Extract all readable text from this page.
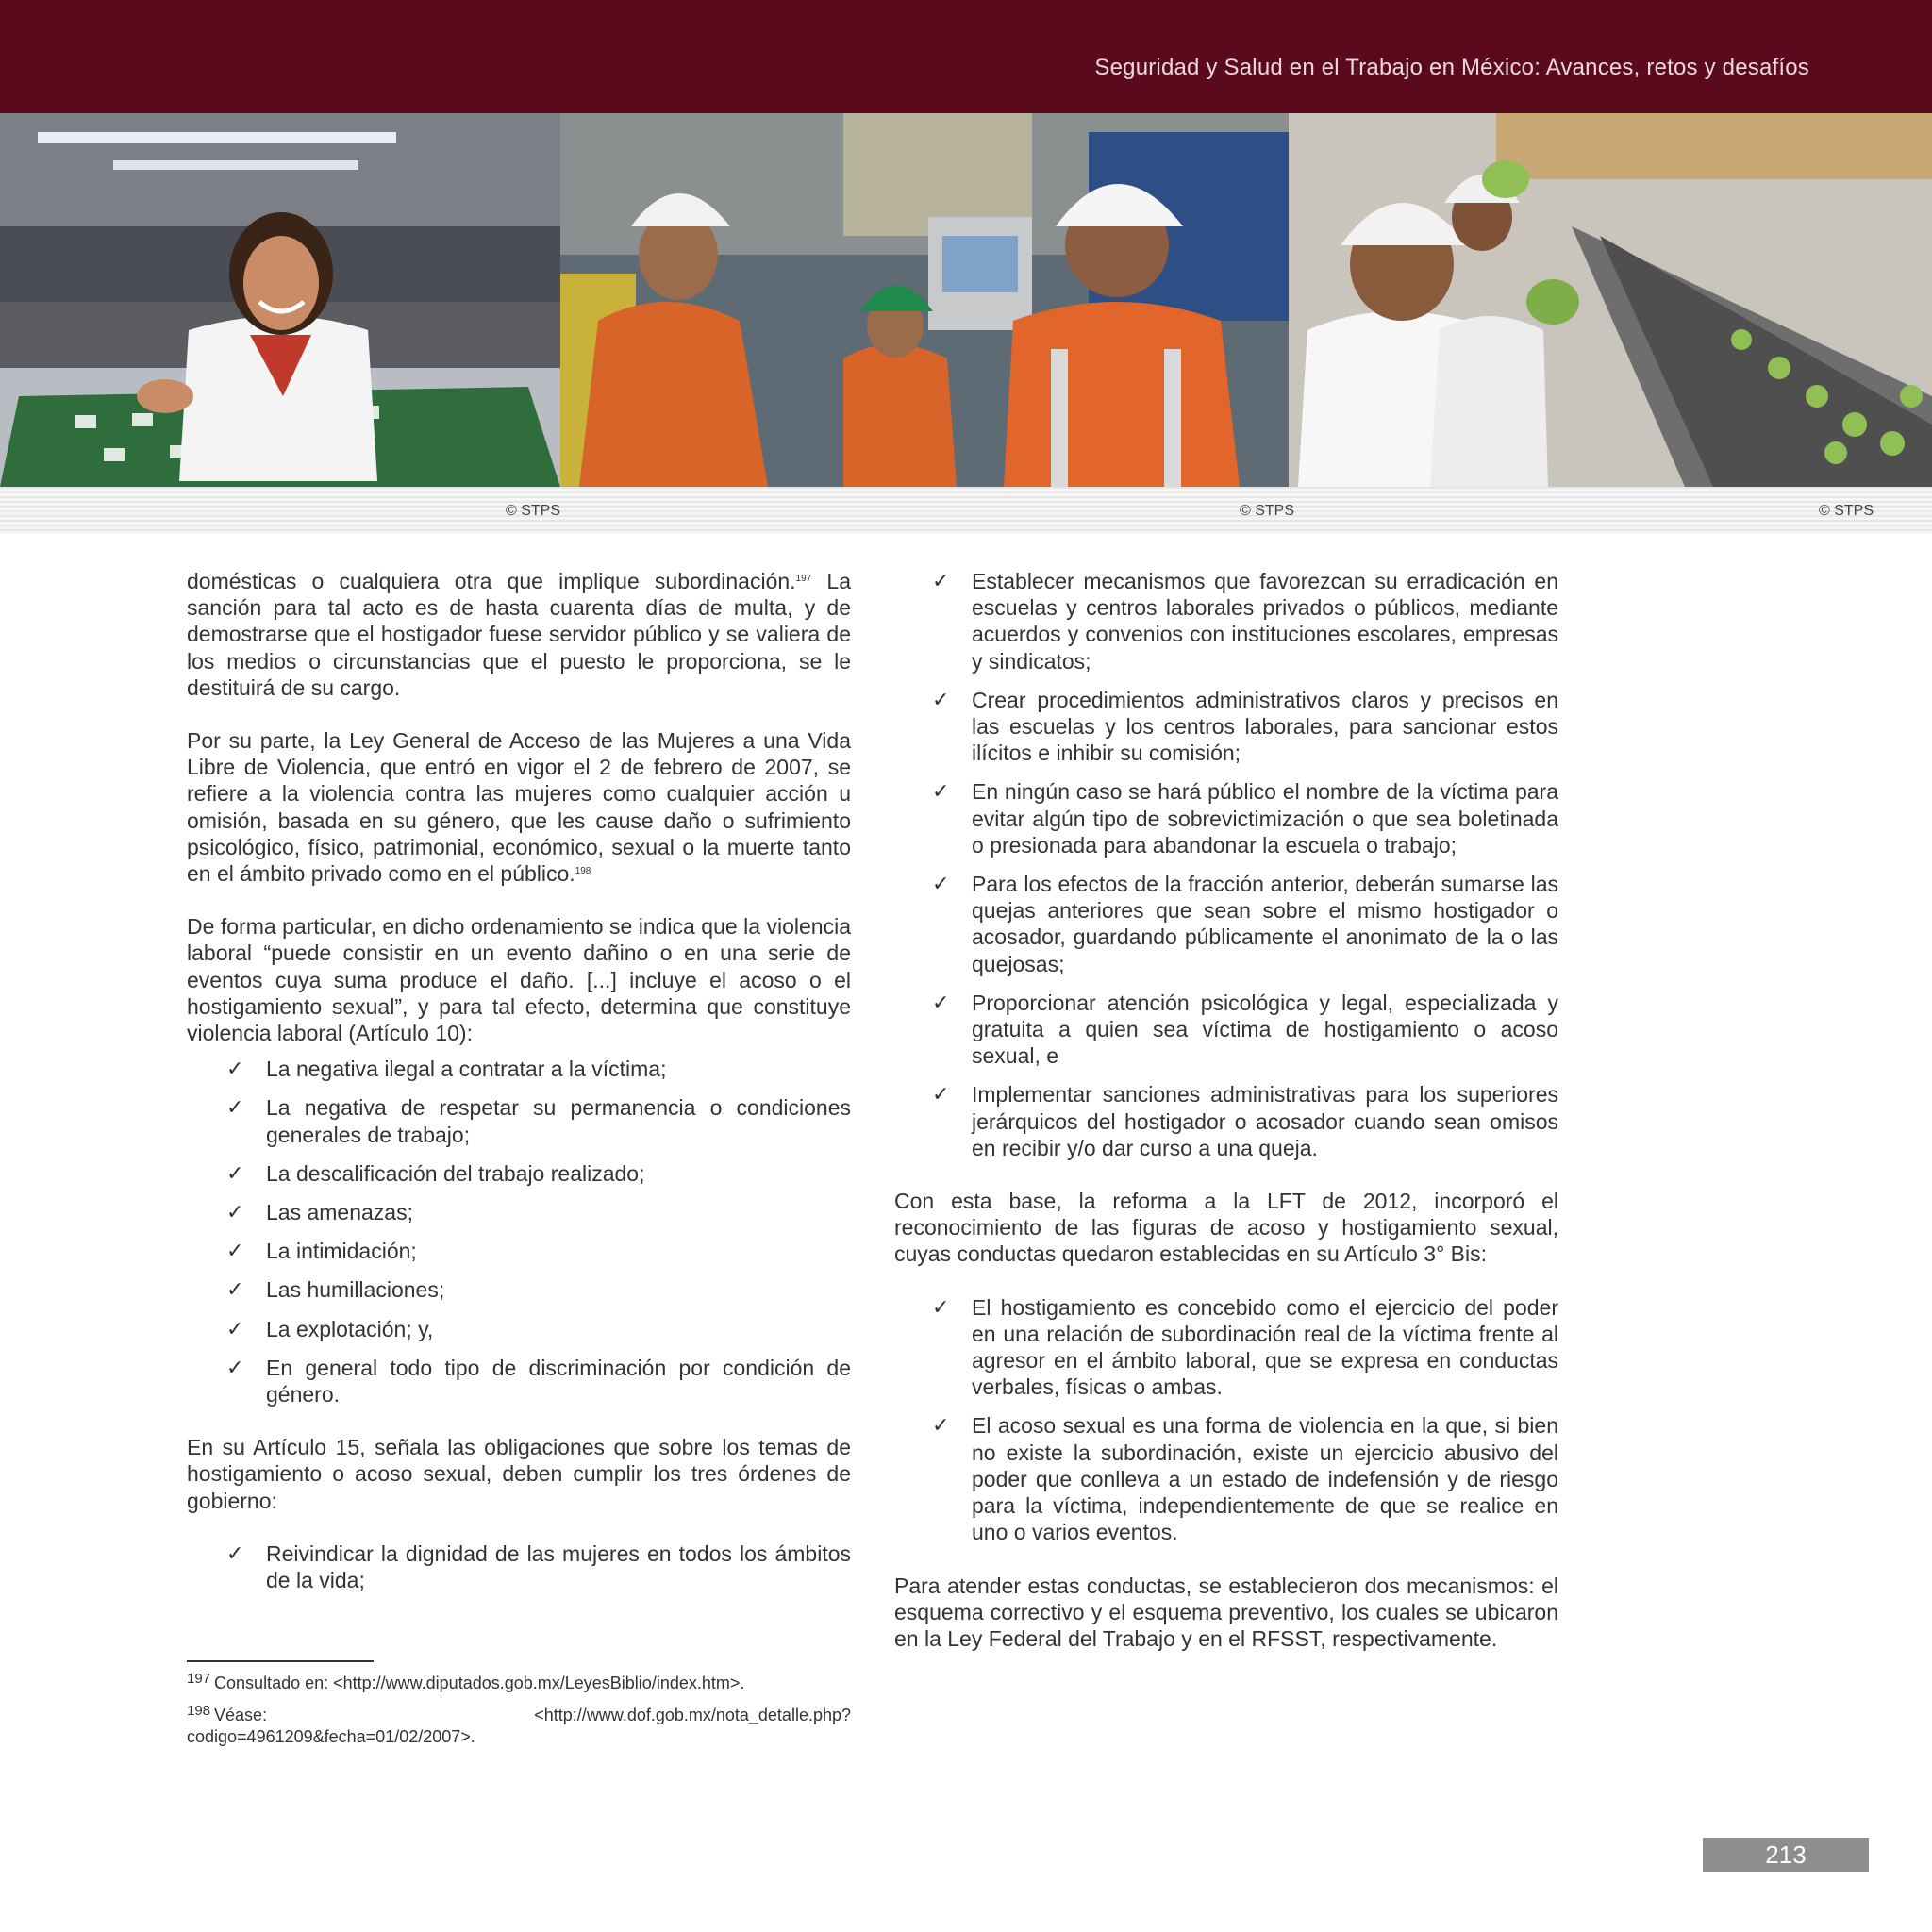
Seguridad y Salud en el Trabajo en México: Avances, retos y desafíos
© STPS	© STPS	© STPS

domésticas o cualquiera otra que implique subordinación.$^{197}$ La sanción para tal acto es de hasta cuarenta días de multa, y de demostrarse que el hostigador fuese servidor público y se valiera de los medios o circunstancias que el puesto le proporciona, se le destituirá de su cargo.

Por su parte, la Ley General de Acceso de las Mujeres a una Vida Libre de Violencia, que entró en vigor el 2 de febrero de 2007, se refiere a la violencia contra las mujeres como cualquier acción u omisión, basada en su género, que les cause daño o sufrimiento psicológico, físico, patrimonial, económico, sexual o la muerte tanto en el ámbito privado como en el público.$^{198}$

De forma particular, en dicho ordenamiento se indica que la violencia laboral “puede consistir en un evento dañino o en una serie de eventos cuya suma produce el daño. [...] incluye el acoso o el hostigamiento sexual”, y para tal efecto, determina que constituye violencia laboral (Artículo 10):

✓ La negativa ilegal a contratar a la víctima;
✓ La negativa de respetar su permanencia o condiciones generales de trabajo;
✓ La descalificación del trabajo realizado;
✓ Las amenazas;
✓ La intimidación;
✓ Las humillaciones;
✓ La explotación; y,
✓ En general todo tipo de discriminación por condición de género.

En su Artículo 15, señala las obligaciones que sobre los temas de hostigamiento o acoso sexual, deben cumplir los tres órdenes de gobierno:

✓ Reivindicar la dignidad de las mujeres en todos los ámbitos de la vida;
✓ Establecer mecanismos que favorezcan su erradicación en escuelas y centros laborales privados o públicos, mediante acuerdos y convenios con instituciones escolares, empresas y sindicatos;
✓ Crear procedimientos administrativos claros y precisos en las escuelas y los centros laborales, para sancionar estos ilícitos e inhibir su comisión;
✓ En ningún caso se hará público el nombre de la víctima para evitar algún tipo de sobrevictimización o que sea boletinada o presionada para abandonar la escuela o trabajo;
✓ Para los efectos de la fracción anterior, deberán sumarse las quejas anteriores que sean sobre el mismo hostigador o acosador, guardando públicamente el anonimato de la o las quejosas;
✓ Proporcionar atención psicológica y legal, especializada y gratuita a quien sea víctima de hostigamiento o acoso sexual, e
✓ Implementar sanciones administrativas para los superiores jerárquicos del hostigador o acosador cuando sean omisos en recibir y/o dar curso a una queja.

Con esta base, la reforma a la LFT de 2012, incorporó el reconocimiento de las figuras de acoso y hostigamiento sexual, cuyas conductas quedaron establecidas en su Artículo 3° Bis:

✓ El hostigamiento es concebido como el ejercicio del poder en una relación de subordinación real de la víctima frente al agresor en el ámbito laboral, que se expresa en conductas verbales, físicas o ambas.
✓ El acoso sexual es una forma de violencia en la que, si bien no existe la subordinación, existe un ejercicio abusivo del poder que conlleva a un estado de indefensión y de riesgo para la víctima, independientemente de que se realice en uno o varios eventos.

Para atender estas conductas, se establecieron dos mecanismos: el esquema correctivo y el esquema preventivo, los cuales se ubicaron en la Ley Federal del Trabajo y en el RFSST, respectivamente.

$^{197}$ Consultado en: <http://www.diputados.gob.mx/LeyesBiblio/index.htm>.
$^{198}$ Véase: <http://www.dof.gob.mx/nota_detalle.php?codigo=4961209&fecha=01/02/2007>.
213
